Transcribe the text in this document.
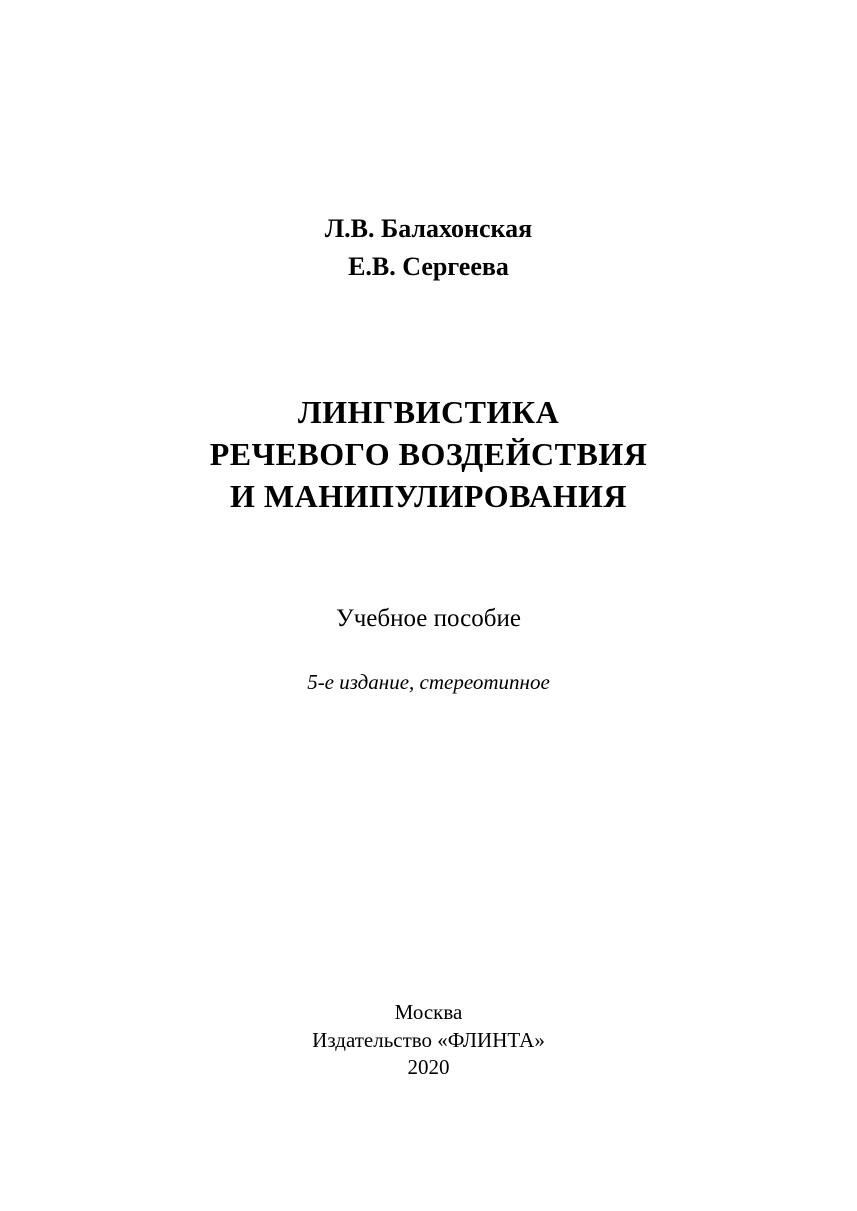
Л.В. Балахонская

Е.В. Сергеева

ЛИНГВИСТИКА

РЕЧЕВОГО ВОЗДЕЙСТВИЯ

И МАНИПУЛИРОВАНИЯ

Учебное пособие

5-е издание, стереотипное

Москва

Издательство «ФЛИНТА»

2020
